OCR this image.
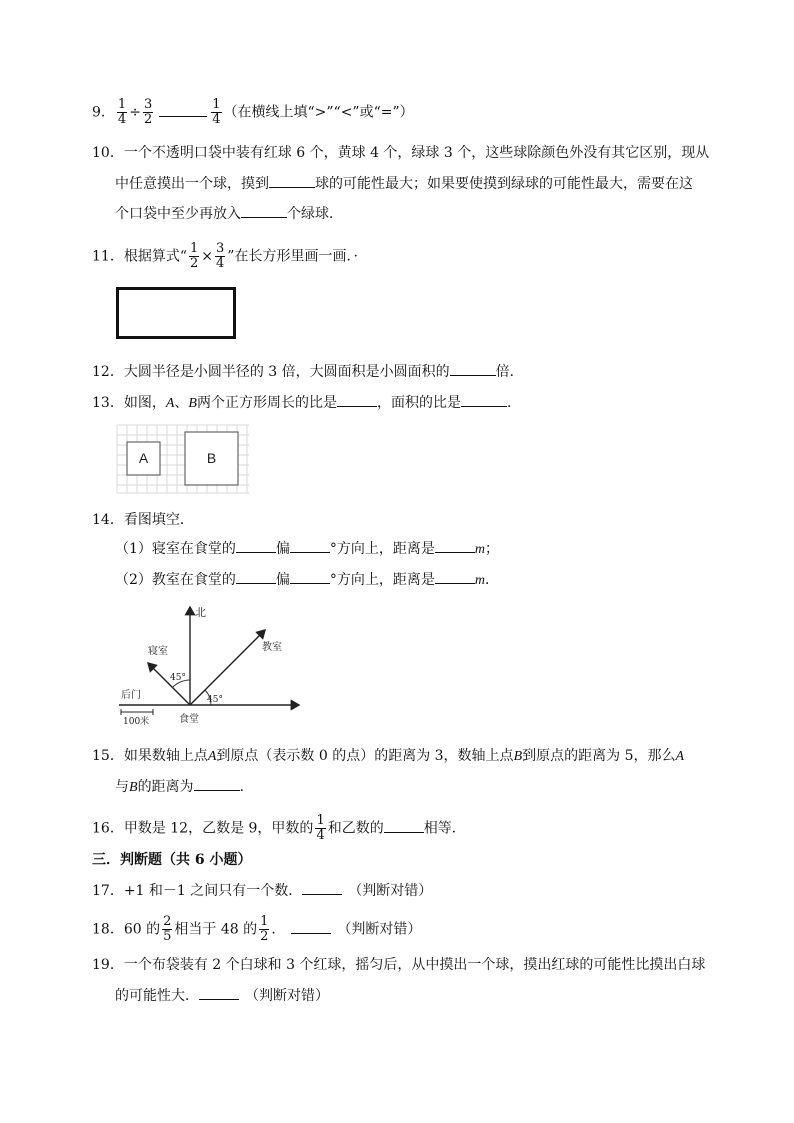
9． $\frac{1}{4} \div \frac{3}{2}$	$\frac{1}{4}$ （在横线上填“>”“<”或“=”）
10．一个不透明口袋中装有红球 6 个，黄球 4 个，绿球 3 个，这些球除颜色外没有其它区别，现从
中任意摸出一个球，摸到	球的可能性最大；如果要使摸到绿球的可能性最大，需要在这
个口袋中至少再放入	个绿球．
11．根据算式“ $\frac{1}{2} \times \frac{3}{4}$ ”在长方形里画一画．·
12．大圆半径是小圆半径的 3 倍，大圆面积是小圆面积的	倍．
13．如图，A、B两个正方形周长的比是	，面积的比是	．
A	B
14．看图填空．
（1）寝室在食堂的	偏	°方向上，距离是	m；
（2）教室在食堂的	偏	°方向上，距离是	m．
北
寝室	教室
45°
45°
后门
食堂
100米
15．如果数轴上点A到原点（表示数 0 的点）的距离为 3，数轴上点B到原点的距离为 5，那么A
与B的距离为	．
16．甲数是 12，乙数是 9，甲数的 $\frac{1}{4}$ 和乙数的	相等．
三．判断题（共 6 小题）
17．+1 和－1 之间只有一个数．	（判断对错）
18．60 的 $\frac{2}{5}$ 相当于 48 的 $\frac{1}{2}$ ．	（判断对错）
19．一个布袋装有 2 个白球和 3 个红球，摇匀后，从中摸出一个球，摸出红球的可能性比摸出白球
的可能性大．	（判断对错）
